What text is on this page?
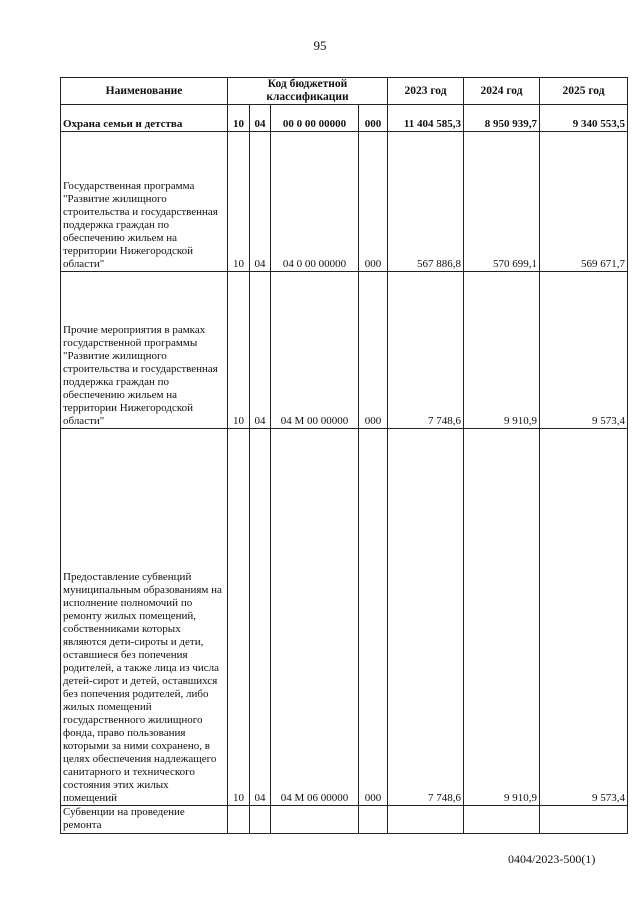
95
Наименование	Код бюджетной классификации				2023 год	2024 год	2025 год
Охрана семьи и детства	10	04	00 0 00 00000	000	11 404 585,3	8 950 939,7	9 340 553,5
Государственная программа "Развитие жилищного строительства и государственная поддержка граждан по обеспечению жильем на территории Нижегородской области"	10	04	04 0 00 00000	000	567 886,8	570 699,1	569 671,7
Прочие мероприятия в рамках государственной программы "Развитие жилищного строительства и государственная поддержка граждан по обеспечению жильем на территории Нижегородской области"	10	04	04 М 00 00000	000	7 748,6	9 910,9	9 573,4
Предоставление субвенций муниципальным образованиям на исполнение полномочий по ремонту жилых помещений, собственниками которых являются дети-сироты и дети, оставшиеся без попечения родителей, а также лица из числа детей-сирот и детей, оставшихся без попечения родителей, либо жилых помещений государственного жилищного фонда, право пользования которыми за ними сохранено, в целях обеспечения надлежащего санитарного и технического состояния этих жилых помещений	10	04	04 М 06 00000	000	7 748,6	9 910,9	9 573,4
Субвенции на проведение ремонта							
0404/2023-500(1)
